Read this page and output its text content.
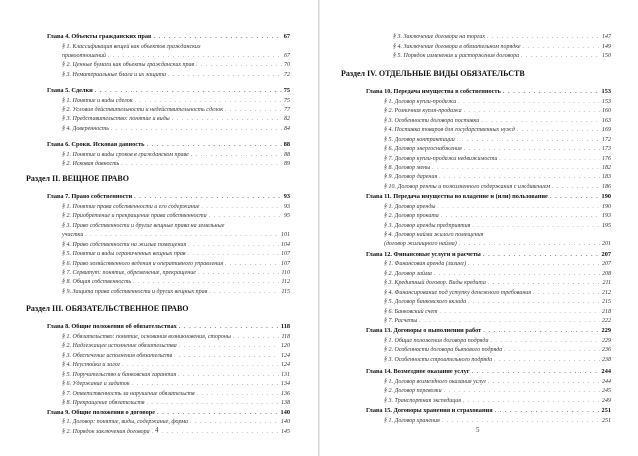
Глава 4. Объекты гражданских прав . . .	67
§ 1. Классификация вещей как объектов гражданских
правоотношений . . .	67
§ 2. Ценные бумаги как объекты гражданских прав . . .	70
§ 3. Нематериальные блага и их защита . . .	72
Глава 5. Сделки . . .	75
§ 1. Понятие и виды сделок . . .	75
§ 2. Условия действительности и недействительность сделок . . .	77
§ 3. Представительство: понятие и виды . . .	82
§ 4. Доверенность . . .	84
Глава 6. Сроки. Исковая давность . . .	88
§ 1. Понятие и виды сроков в гражданском праве . . .	88
§ 2. Исковая давность . . .	89
Раздел II. ВЕЩНОЕ ПРАВО
Глава 7. Право собственности . . .	93
§ 1. Понятие права собственности и его содержание . . .	93
§ 2. Приобретение и прекращение права собственности . . .	95
§ 3. Право собственности и другие вещные права на земельные
участки . . .	101
§ 4. Право собственности на жилые помещения . . .	104
§ 5. Понятие и виды ограниченных вещных прав . . .	107
§ 6. Право хозяйственного ведения и оперативного управления . . .	107
§ 7. Сервитут: понятие, обременение, прекращение . . .	110
§ 8. Общая собственность . . .	112
§ 9. Защита права собственности и других вещных прав . . .	115
Раздел III. ОБЯЗАТЕЛЬСТВЕННОЕ ПРАВО
Глава 8. Общие положения об обязательствах . . .	118
§ 1. Обязательство: понятие, основания возникновения, стороны . . .	118
§ 2. Надлежащее исполнение обязательства . . .	120
§ 3. Обеспечение исполнения обязательств . . .	124
§ 4. Неустойка и залог . . .	124
§ 5. Поручительство и банковская гарантия . . .	131
§ 6. Удержание и задаток . . .	134
§ 7. Ответственность за нарушение обязательств . . .	136
§ 8. Прекращение обязательств . . .	138
Глава 9. Общие положения о договоре . . .	140
§ 1. Договор: понятие, виды, содержание, форма . . .	140
§ 2. Порядок заключения договора . . .	145
4
§ 3. Заключение договора на торгах . . .	147
§ 4. Заключение договора в обязательном порядке . . .	149
§ 5. Порядок изменения и расторжения договора . . .	150
Раздел IV. ОТДЕЛЬНЫЕ ВИДЫ ОБЯЗАТЕЛЬСТВ
Глава 10. Передача имущества в собственность . . .	153
§ 1. Договор купли-продажи . . .	153
§ 2. Розничная купля-продажа . . .	160
§ 3. Особенности договора поставки . . .	163
§ 4. Поставка товаров для государственных нужд . . .	169
§ 5. Договор контрактации . . .	172
§ 6. Договор энергоснабжения . . .	173
§ 7. Договор купли-продажи недвижимости . . .	176
§ 8. Договор мены . . .	182
§ 9. Договор дарения . . .	183
§ 10. Договор ренты и пожизненного содержания с иждивением . . .	186
Глава 11. Передача имущества во владение и (или) пользование . . .	190
§ 1. Договор аренды . . .	190
§ 2. Договор проката . . .	193
§ 3. Договор аренды предприятия . . .	195
§ 4. Договор найма жилого помещения
(договор жилищного найма) . . .	201
Глава 12. Финансовые услуги и расчеты . . .	207
§ 1. Финансовая аренда (лизинг) . . .	207
§ 2. Договор займа . . .	208
§ 3. Кредитный договор. Виды кредита . . .	211
§ 4. Финансирование под уступку денежного требования . . .	212
§ 5. Договор банковского вклада . . .	215
§ 6. Банковский счет . . .	218
§ 7. Расчеты . . .	222
Глава 13. Договоры о выполнении работ . . .	229
§ 1. Общие положения договора подряда . . .	229
§ 2. Особенности договора бытового подряда . . .	236
§ 3. Особенности строительного подряда . . .	238
Глава 14. Возмездное оказание услуг . . .	244
§ 1. Договор возмездного оказания услуг . . .	244
§ 2. Договор перевозки . . .	245
§ 3. Транспортная экспедиция . . .	249
Глава 15. Договоры хранения и страхования . . .	251
§ 1. Договор хранения . . .	251
5
